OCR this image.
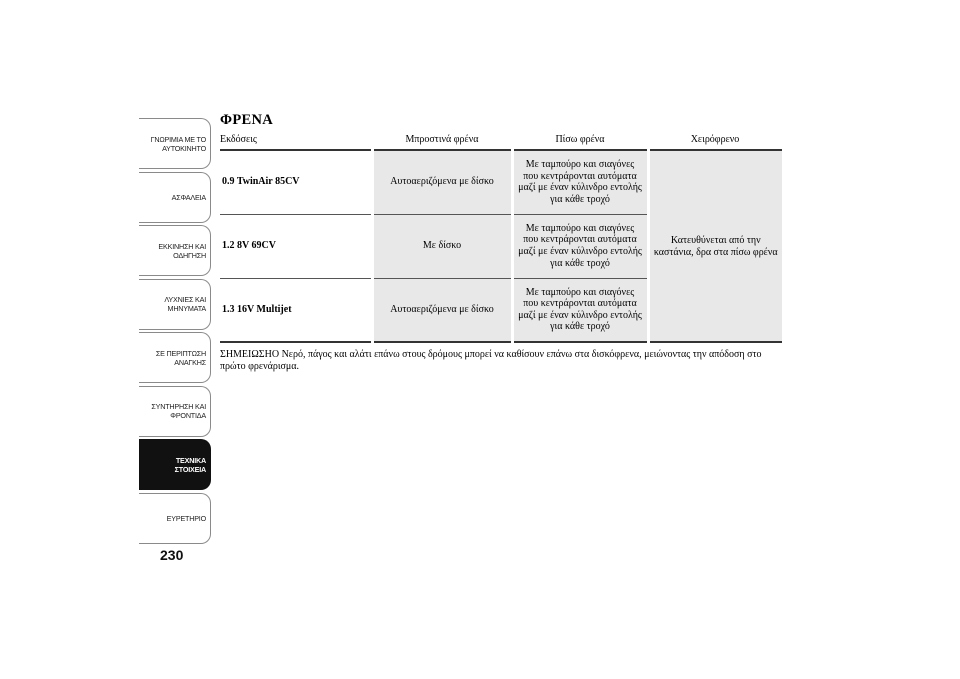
ΓΝΩΡΙΜΙΑ ΜΕ ΤΟ
ΑΥΤΟΚΙΝΗΤΟ
ΑΣΦΑΛΕΙΑ
ΕΚΚΙΝΗΣΗ ΚΑΙ
ΟΔΗΓΗΣΗ
ΛΥΧΝΙΕΣ ΚΑΙ
ΜΗΝΥΜΑΤΑ
ΣΕ ΠΕΡΙΠΤΩΣΗ
ΑΝΑΓΚΗΣ
ΣΥΝΤΗΡΗΣΗ ΚΑΙ
ΦΡΟΝΤΙΔΑ
ΤΕΧΝΙΚΑ
ΣΤΟΙΧΕΙΑ
ΕΥΡΕΤΗΡΙΟ
230
ΦΡΕΝΑ
Εκδόσεις	Μπροστινά φρένα	Πίσω φρένα	Χειρόφρενο
0.9 TwinAir 85CV	Αυτοαεριζόμενα με δίσκο	Με ταμπούρο και σιαγόνες που κεντράρονται αυτόματα μαζί με έναν κύλινδρο εντολής για κάθε τροχό	Κατευθύνεται από την καστάνια, δρα στα πίσω φρένα
1.2 8V 69CV	Με δίσκο	Με ταμπούρο και σιαγόνες που κεντράρονται αυτόματα μαζί με έναν κύλινδρο εντολής για κάθε τροχό	
1.3 16V Multijet	Αυτοαεριζόμενα με δίσκο	Με ταμπούρο και σιαγόνες που κεντράρονται αυτόματα μαζί με έναν κύλινδρο εντολής για κάθε τροχό	

ΣΗΜΕΙΩΣΗΟ Νερό, πάγος και αλάτι επάνω στους δρόμους μπορεί να καθίσουν επάνω στα δισκόφρενα, μειώνοντας την απόδοση στο πρώτο φρενάρισμα.
